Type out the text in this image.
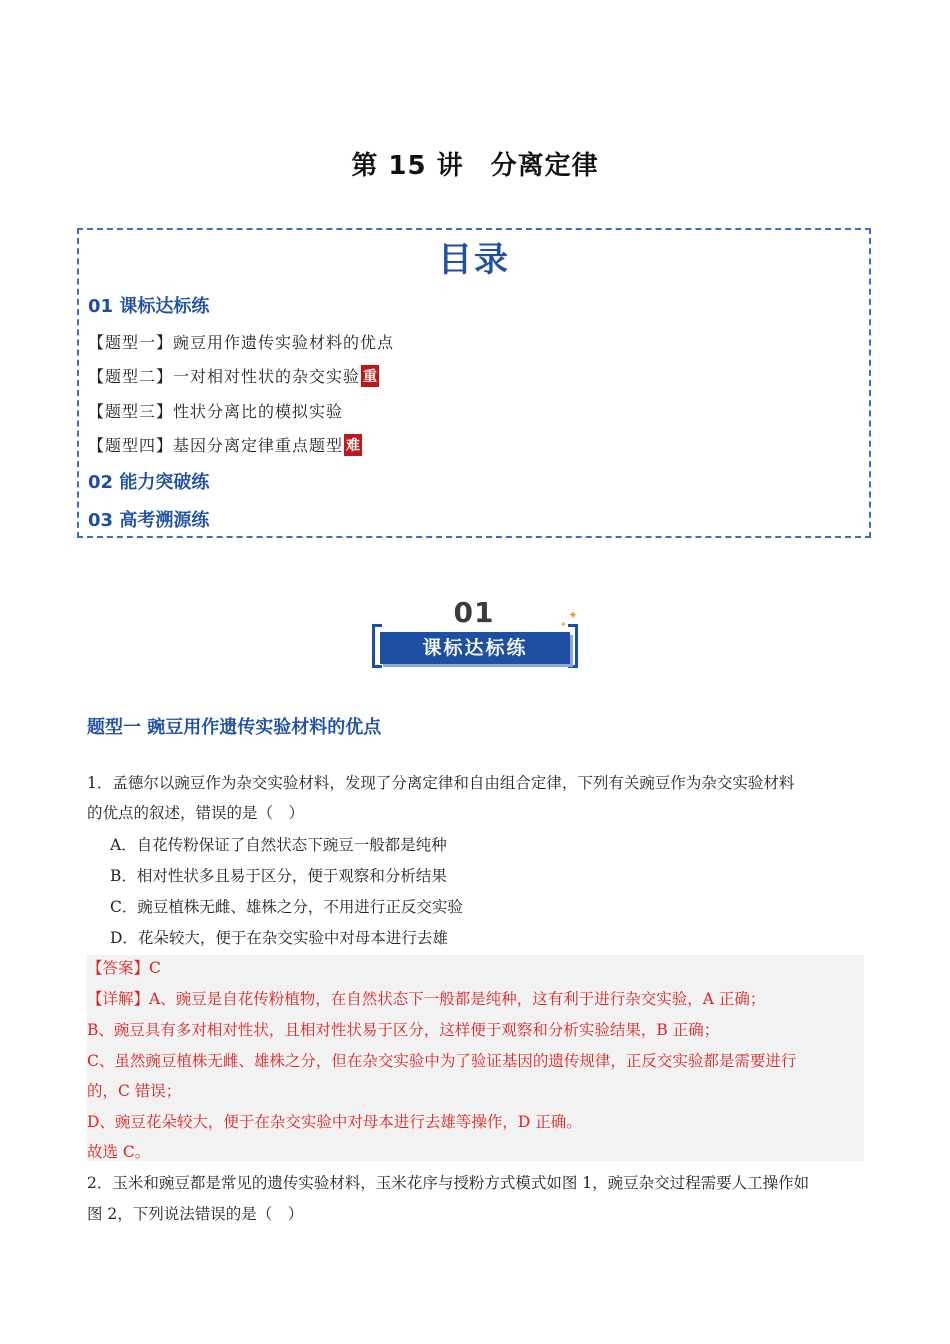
第 15 讲　分离定律
目录
01 课标达标练
【题型一】豌豆用作遗传实验材料的优点
【题型二】一对相对性状的杂交实验 重
【题型三】性状分离比的模拟实验
【题型四】基因分离定律重点题型 难
02 能力突破练
03 高考溯源练
01
课标达标练
✦
✦
题型一 豌豆用作遗传实验材料的优点
1．孟德尔以豌豆作为杂交实验材料，发现了分离定律和自由组合定律，下列有关豌豆作为杂交实验材料
的优点的叙述，错误的是（　）
A．自花传粉保证了自然状态下豌豆一般都是纯种
B．相对性状多且易于区分，便于观察和分析结果
C．豌豆植株无雌、雄株之分，不用进行正反交实验
D．花朵较大，便于在杂交实验中对母本进行去雄
【答案】C
【详解】A、豌豆是自花传粉植物，在自然状态下一般都是纯种，这有利于进行杂交实验，A 正确；
B、豌豆具有多对相对性状，且相对性状易于区分，这样便于观察和分析实验结果，B 正确；
C、虽然豌豆植株无雌、雄株之分，但在杂交实验中为了验证基因的遗传规律，正反交实验都是需要进行
的，C 错误；
D、豌豆花朵较大，便于在杂交实验中对母本进行去雄等操作，D 正确。
故选 C。
2．玉米和豌豆都是常见的遗传实验材料，玉米花序与授粉方式模式如图 1，豌豆杂交过程需要人工操作如
图 2，下列说法错误的是（　）
